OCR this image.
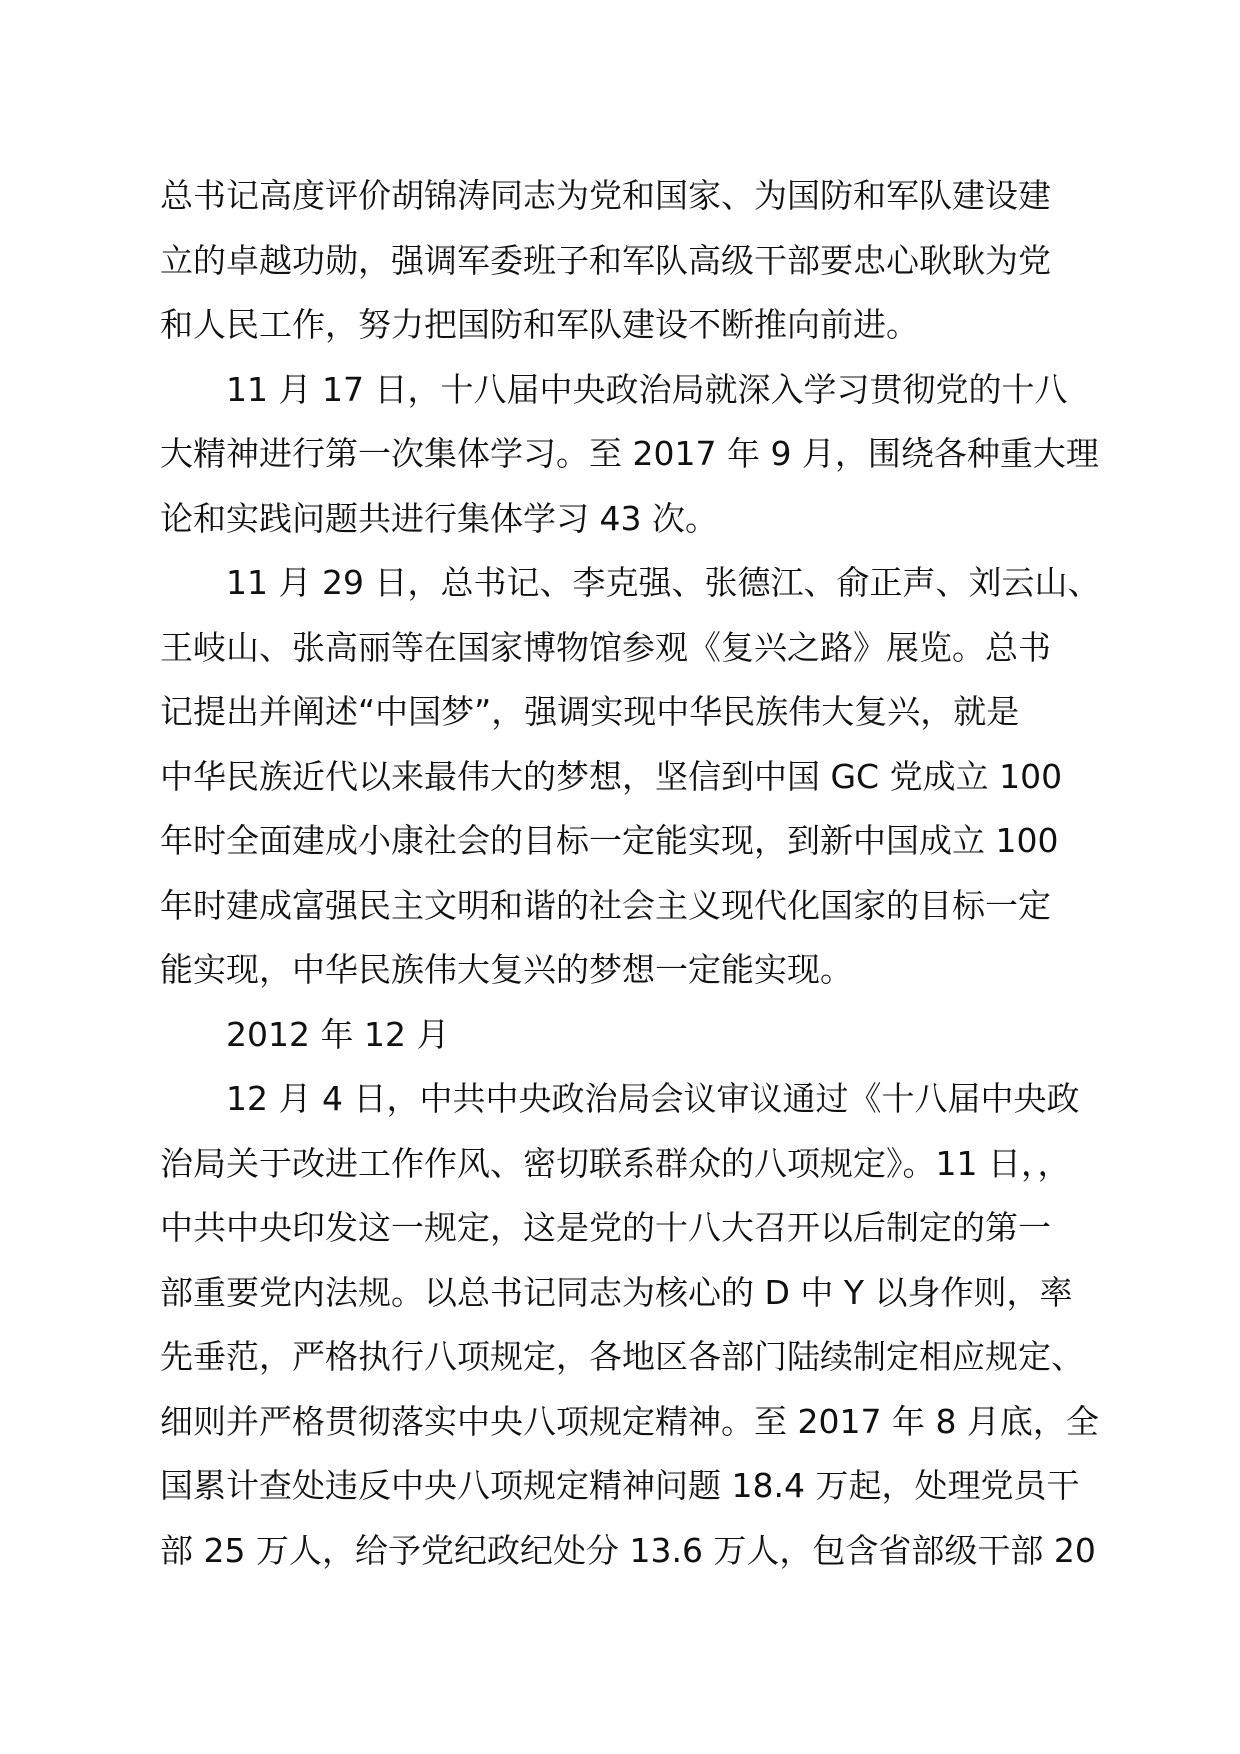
总书记高度评价胡锦涛同志为党和国家、为国防和军队建设建
立的卓越功勋，强调军委班子和军队高级干部要忠心耿耿为党
和人民工作，努力把国防和军队建设不断推向前进。
11 月 17 日，十八届中央政治局就深入学习贯彻党的十八
大精神进行第一次集体学习。至 2017 年 9 月，围绕各种重大理
论和实践问题共进行集体学习 43 次。
11 月 29 日，总书记、李克强、张德江、俞正声、刘云山、
王岐山、张高丽等在国家博物馆参观《复兴之路》展览。总书
记提出并阐述“中国梦”，强调实现中华民族伟大复兴，就是
中华民族近代以来最伟大的梦想，坚信到中国 GC 党成立 100
年时全面建成小康社会的目标一定能实现，到新中国成立 100
年时建成富强民主文明和谐的社会主义现代化国家的目标一定
能实现，中华民族伟大复兴的梦想一定能实现。
2012 年 12 月
12 月 4 日，中共中央政治局会议审议通过《十八届中央政
治局关于改进工作作风、密切联系群众的八项规定》。11 日，，
中共中央印发这一规定，这是党的十八大召开以后制定的第一
部重要党内法规。以总书记同志为核心的 D 中 Y 以身作则，率
先垂范，严格执行八项规定，各地区各部门陆续制定相应规定、
细则并严格贯彻落实中央八项规定精神。至 2017 年 8 月底，全
国累计查处违反中央八项规定精神问题 18.4 万起，处理党员干
部 25 万人，给予党纪政纪处分 13.6 万人，包含省部级干部 20
